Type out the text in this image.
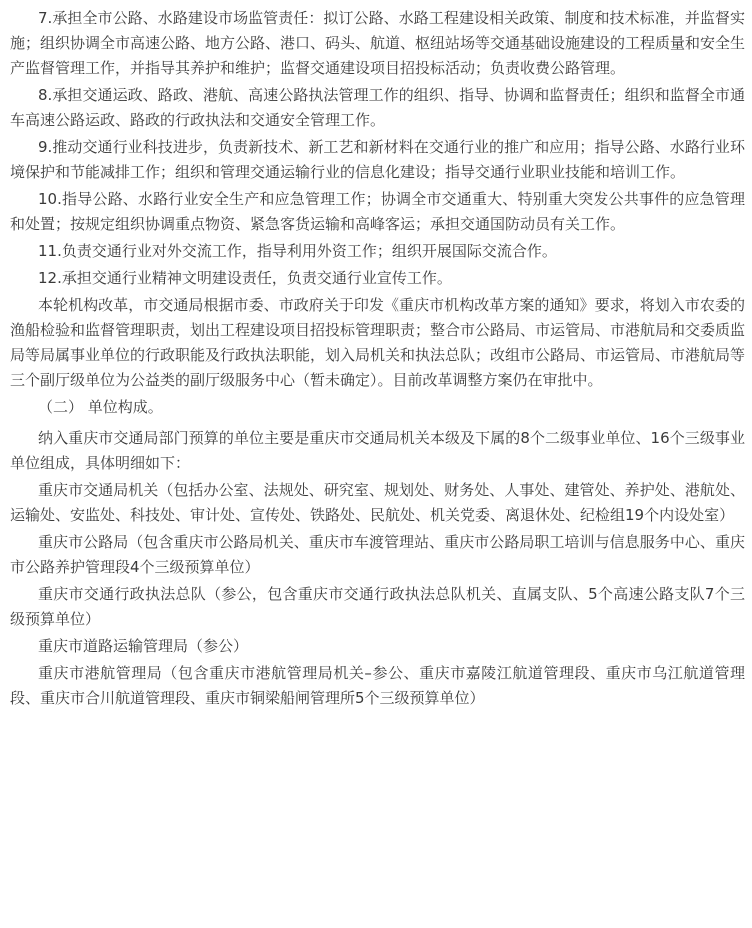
7.承担全市公路、水路建设市场监管责任：拟订公路、水路工程建设相关政策、制度和技术标准，并监督实施；组织协调全市高速公路、地方公路、港口、码头、航道、枢纽站场等交通基础设施建设的工程质量和安全生产监督管理工作，并指导其养护和维护；监督交通建设项目招投标活动；负责收费公路管理。

8.承担交通运政、路政、港航、高速公路执法管理工作的组织、指导、协调和监督责任；组织和监督全市通车高速公路运政、路政的行政执法和交通安全管理工作。

9.推动交通行业科技进步，负责新技术、新工艺和新材料在交通行业的推广和应用；指导公路、水路行业环境保护和节能减排工作；组织和管理交通运输行业的信息化建设；指导交通行业职业技能和培训工作。

10.指导公路、水路行业安全生产和应急管理工作；协调全市交通重大、特别重大突发公共事件的应急管理和处置；按规定组织协调重点物资、紧急客货运输和高峰客运；承担交通国防动员有关工作。

11.负责交通行业对外交流工作，指导利用外资工作；组织开展国际交流合作。

12.承担交通行业精神文明建设责任，负责交通行业宣传工作。

本轮机构改革，市交通局根据市委、市政府关于印发《重庆市机构改革方案的通知》要求，将划入市农委的渔船检验和监督管理职责，划出工程建设项目招投标管理职责；整合市公路局、市运管局、市港航局和交委质监局等局属事业单位的行政职能及行政执法职能，划入局机关和执法总队；改组市公路局、市运管局、市港航局等三个副厅级单位为公益类的副厅级服务中心（暂未确定）。目前改革调整方案仍在审批中。

（二） 单位构成。

纳入重庆市交通局部门预算的单位主要是重庆市交通局机关本级及下属的8个二级事业单位、16个三级事业单位组成，具体明细如下：

重庆市交通局机关（包括办公室、法规处、研究室、规划处、财务处、人事处、建管处、养护处、港航处、运输处、安监处、科技处、审计处、宣传处、铁路处、民航处、机关党委、离退休处、纪检组19个内设处室）

重庆市公路局（包含重庆市公路局机关、重庆市车渡管理站、重庆市公路局职工培训与信息服务中心、重庆市公路养护管理段4个三级预算单位）

重庆市交通行政执法总队（参公，包含重庆市交通行政执法总队机关、直属支队、5个高速公路支队7个三级预算单位）

重庆市道路运输管理局（参公）

重庆市港航管理局（包含重庆市港航管理局机关–参公、重庆市嘉陵江航道管理段、重庆市乌江航道管理段、重庆市合川航道管理段、重庆市铜梁船闸管理所5个三级预算单位）
